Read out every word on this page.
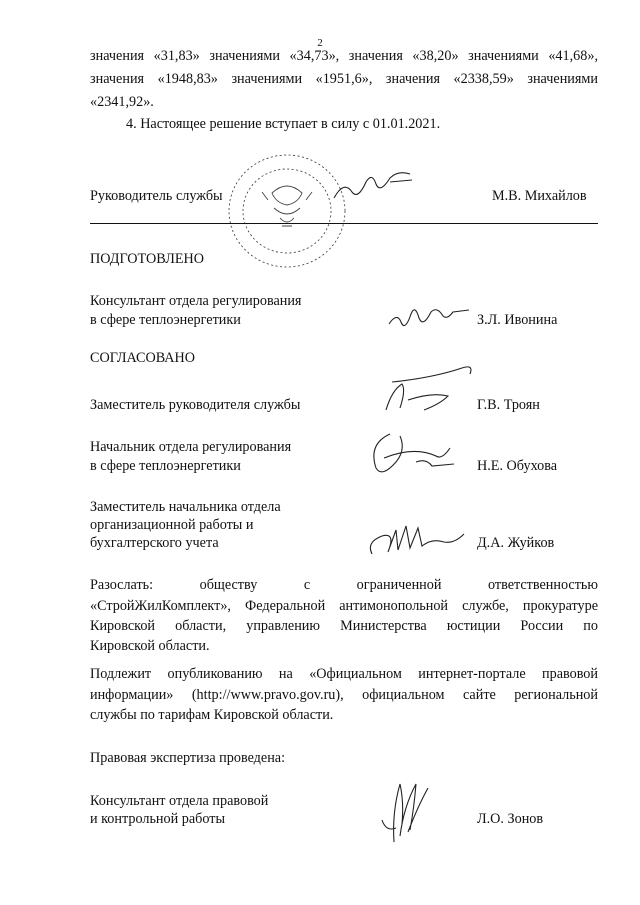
2
значения «31,83» значениями «34,73», значения «38,20» значениями «41,68»,
значения «1948,83» значениями «1951,6», значения «2338,59» значениями
«2341,92».
4. Настоящее решение вступает в силу с 01.01.2021.
Руководитель службы	М.В. Михайлов
ПОДГОТОВЛЕНО
Консультант отдела регулирования
в сфере теплоэнергетики	З.Л. Ивонина
СОГЛАСОВАНО
Заместитель руководителя службы	Г.В. Троян
Начальник отдела регулирования
в сфере теплоэнергетики	Н.Е. Обухова
Заместитель начальника отдела
организационной работы и
бухгалтерского учета	Д.А. Жуйков
Разослать: обществу с ограниченной ответственностью
«СтройЖилКомплект», Федеральной антимонопольной службе, прокуратуре
Кировской области, управлению Министерства юстиции России по
Кировской области.
Подлежит опубликованию на «Официальном интернет-портале правовой
информации» (http://www.pravo.gov.ru), официальном сайте региональной
службы по тарифам Кировской области.
Правовая экспертиза проведена:
Консультант отдела правовой
и контрольной работы	Л.О. Зонов
